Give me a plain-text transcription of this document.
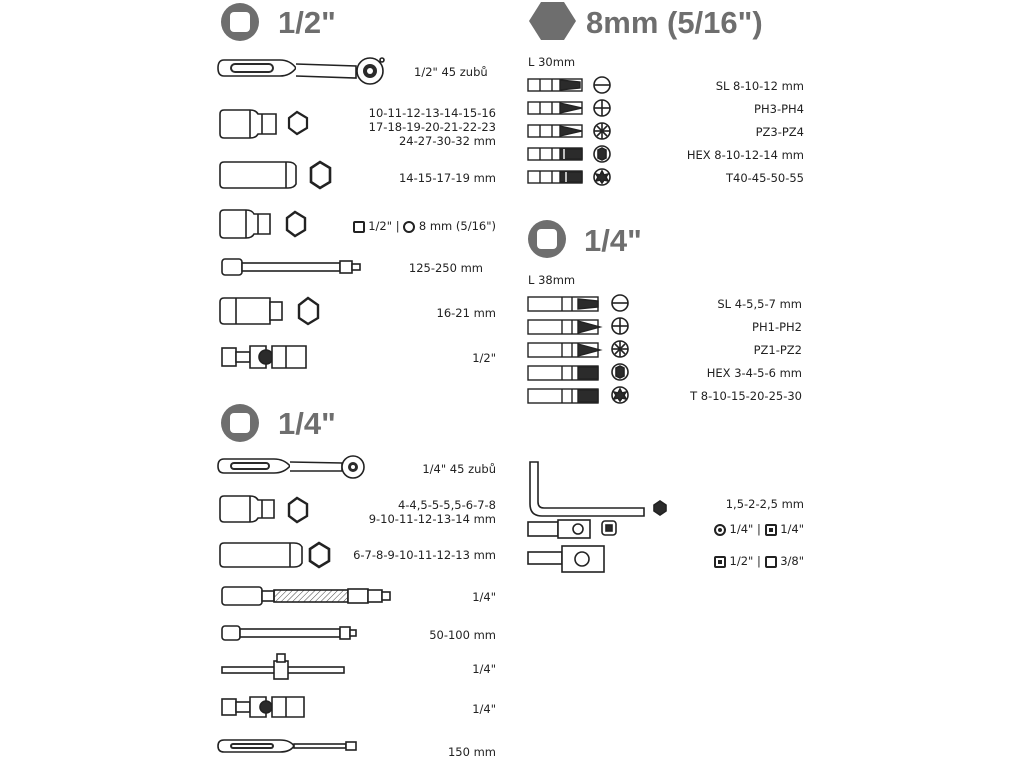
1/2"
1/4"
8mm (5/16")
1/4"
1/2" 45 zubů
10-11-12-13-14-15-16
17-18-19-20-21-22-23
24-27-30-32 mm
14-15-17-19 mm
1/2" | 8 mm (5/16")
125-250 mm
16-21 mm
1/2"
1/4" 45 zubů
4-4,5-5-5,5-6-7-8
9-10-11-12-13-14 mm
6-7-8-9-10-11-12-13 mm
1/4"
50-100 mm
1/4"
1/4"
150 mm
L 30mm
SL 8-10-12 mm
PH3-PH4
PZ3-PZ4
HEX 8-10-12-14 mm
T40-45-50-55
L 38mm
SL 4-5,5-7 mm
PH1-PH2
PZ1-PZ2
HEX 3-4-5-6 mm
T 8-10-15-20-25-30
1,5-2-2,5 mm
1/4" | 1/4"
1/2" | 3/8"
